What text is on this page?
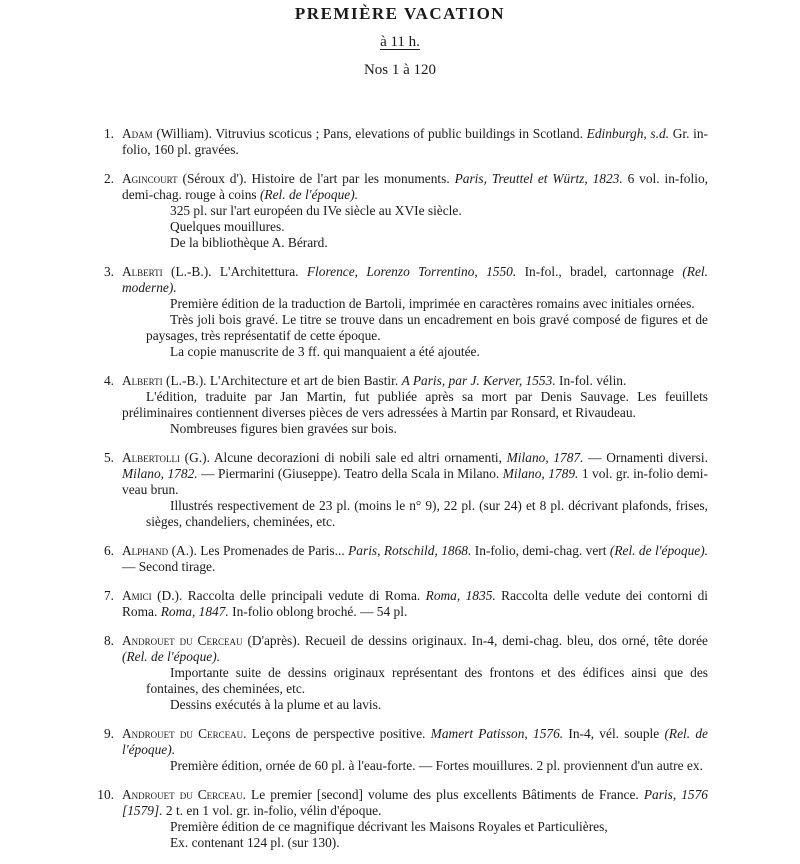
PREMIÈRE VACATION
à 11 h.
Nos 1 à 120
1. Adam (William). Vitruvius scoticus ; Pans, elevations of public buildings in Scotland. Edinburgh, s.d. Gr. in-folio, 160 pl. gravées.
2. Agincourt (Séroux d'). Histoire de l'art par les monuments. Paris, Treuttel et Würtz, 1823. 6 vol. in-folio, demi-chag. rouge à coins (Rel. de l'époque).
325 pl. sur l'art européen du IVe siècle au XVIe siècle.
Quelques mouillures.
De la bibliothèque A. Bérard.
3. Alberti (L.-B.). L'Architettura. Florence, Lorenzo Torrentino, 1550. In-fol., bradel, cartonnage (Rel. moderne).
Première édition de la traduction de Bartoli, imprimée en caractères romains avec initiales ornées.
Très joli bois gravé. Le titre se trouve dans un encadrement en bois gravé composé de figures et de paysages, très représentatif de cette époque.
La copie manuscrite de 3 ff. qui manquaient a été ajoutée.
4. Alberti (L.-B.). L'Architecture et art de bien Bastir. A Paris, par J. Kerver, 1553. In-fol. vélin.
L'édition, traduite par Jan Martin, fut publiée après sa mort par Denis Sauvage. Les feuillets préliminaires contiennent diverses pièces de vers adressées à Martin par Ronsard, et Rivaudeau.
Nombreuses figures bien gravées sur bois.
5. Albertolli (G.). Alcune decorazioni di nobili sale ed altri ornamenti, Milano, 1787. — Ornamenti diversi. Milano, 1782. — Piermarini (Giuseppe). Teatro della Scala in Milano. Milano, 1789. 1 vol. gr. in-folio demi-veau brun.
Illustrés respectivement de 23 pl. (moins le n° 9), 22 pl. (sur 24) et 8 pl. décrivant plafonds, frises, sièges, chandeliers, cheminées, etc.
6. Alphand (A.). Les Promenades de Paris... Paris, Rotschild, 1868. In-folio, demi-chag. vert (Rel. de l'époque). — Second tirage.
7. Amici (D.). Raccolta delle principali vedute di Roma. Roma, 1835. Raccolta delle vedute dei contorni di Roma. Roma, 1847. In-folio oblong broché. — 54 pl.
8. Androuet du Cerceau (D'après). Recueil de dessins originaux. In-4, demi-chag. bleu, dos orné, tête dorée (Rel. de l'époque).
Importante suite de dessins originaux représentant des frontons et des édifices ainsi que des fontaines, des cheminées, etc.
Dessins exécutés à la plume et au lavis.
9. Androuet du Cerceau. Leçons de perspective positive. Mamert Patisson, 1576. In-4, vél. souple (Rel. de l'époque).
Première édition, ornée de 60 pl. à l'eau-forte. — Fortes mouillures. 2 pl. proviennent d'un autre ex.
10. Androuet du Cerceau. Le premier [second] volume des plus excellents Bâtiments de France. Paris, 1576 [1579]. 2 t. en 1 vol. gr. in-folio, vélin d'époque.
Première édition de ce magnifique décrivant les Maisons Royales et Particulières,
Ex. contenant 124 pl. (sur 130).
